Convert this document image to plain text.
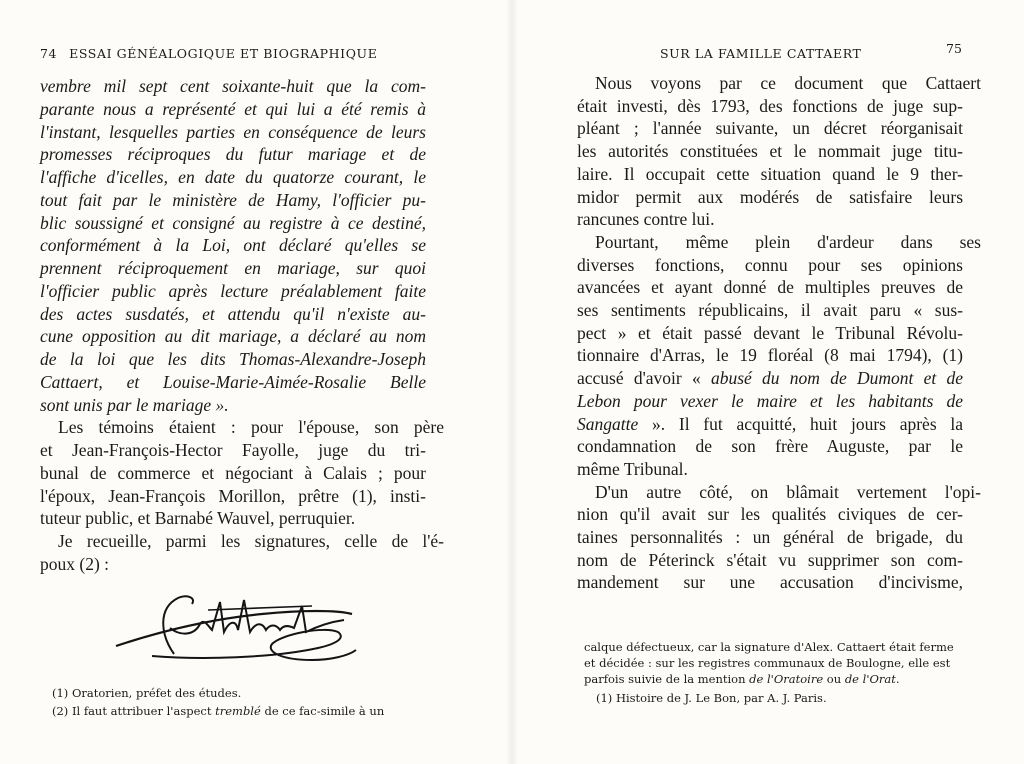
74 ESSAI GÉNÉALOGIQUE ET BIOGRAPHIQUE
vembre mil sept cent soixante-huit que la com-
parante nous a représenté et qui lui a été remis à
l'instant, lesquelles parties en conséquence de leurs
promesses réciproques du futur mariage et de
l'affiche d'icelles, en date du quatorze courant, le
tout fait par le ministère de Hamy, l'officier pu-
blic soussigné et consigné au registre à ce destiné,
conformément à la Loi, ont déclaré qu'elles se
prennent réciproquement en mariage, sur quoi
l'officier public après lecture préalablement faite
des actes susdatés, et attendu qu'il n'existe au-
cune opposition au dit mariage, a déclaré au nom
de la loi que les dits Thomas-Alexandre-Joseph
Cattaert, et Louise-Marie-Aimée-Rosalie Belle
sont unis par le mariage ».
Les témoins étaient : pour l'épouse, son père
et Jean-François-Hector Fayolle, juge du tri-
bunal de commerce et négociant à Calais ; pour
l'époux, Jean-François Morillon, prêtre (1), insti-
tuteur public, et Barnabé Wauvel, perruquier.
Je recueille, parmi les signatures, celle de l'é-
poux (2) :
(1) Oratorien, préfet des études.
(2) Il faut attribuer l'aspect tremblé de ce fac-simile à un
SUR LA FAMILLE CATTAERT	75
Nous voyons par ce document que Cattaert
était investi, dès 1793, des fonctions de juge sup-
pléant ; l'année suivante, un décret réorganisait
les autorités constituées et le nommait juge titu-
laire. Il occupait cette situation quand le 9 ther-
midor permit aux modérés de satisfaire leurs
rancunes contre lui.
Pourtant, même plein d'ardeur dans ses
diverses fonctions, connu pour ses opinions
avancées et ayant donné de multiples preuves de
ses sentiments républicains, il avait paru « sus-
pect » et était passé devant le Tribunal Révolu-
tionnaire d'Arras, le 19 floréal (8 mai 1794), (1)
accusé d'avoir « abusé du nom de Dumont et de
Lebon pour vexer le maire et les habitants de
Sangatte ». Il fut acquitté, huit jours après la
condamnation de son frère Auguste, par le
même Tribunal.
D'un autre côté, on blâmait vertement l'opi-
nion qu'il avait sur les qualités civiques de cer-
taines personnalités : un général de brigade, du
nom de Péterinck s'était vu supprimer son com-
mandement sur une accusation d'incivisme,
calque défectueux, car la signature d'Alex. Cattaert était ferme
et décidée : sur les registres communaux de Boulogne, elle est
parfois suivie de la mention de l'Oratoire ou de l'Orat.
(1) Histoire de J. Le Bon, par A. J. Paris.
